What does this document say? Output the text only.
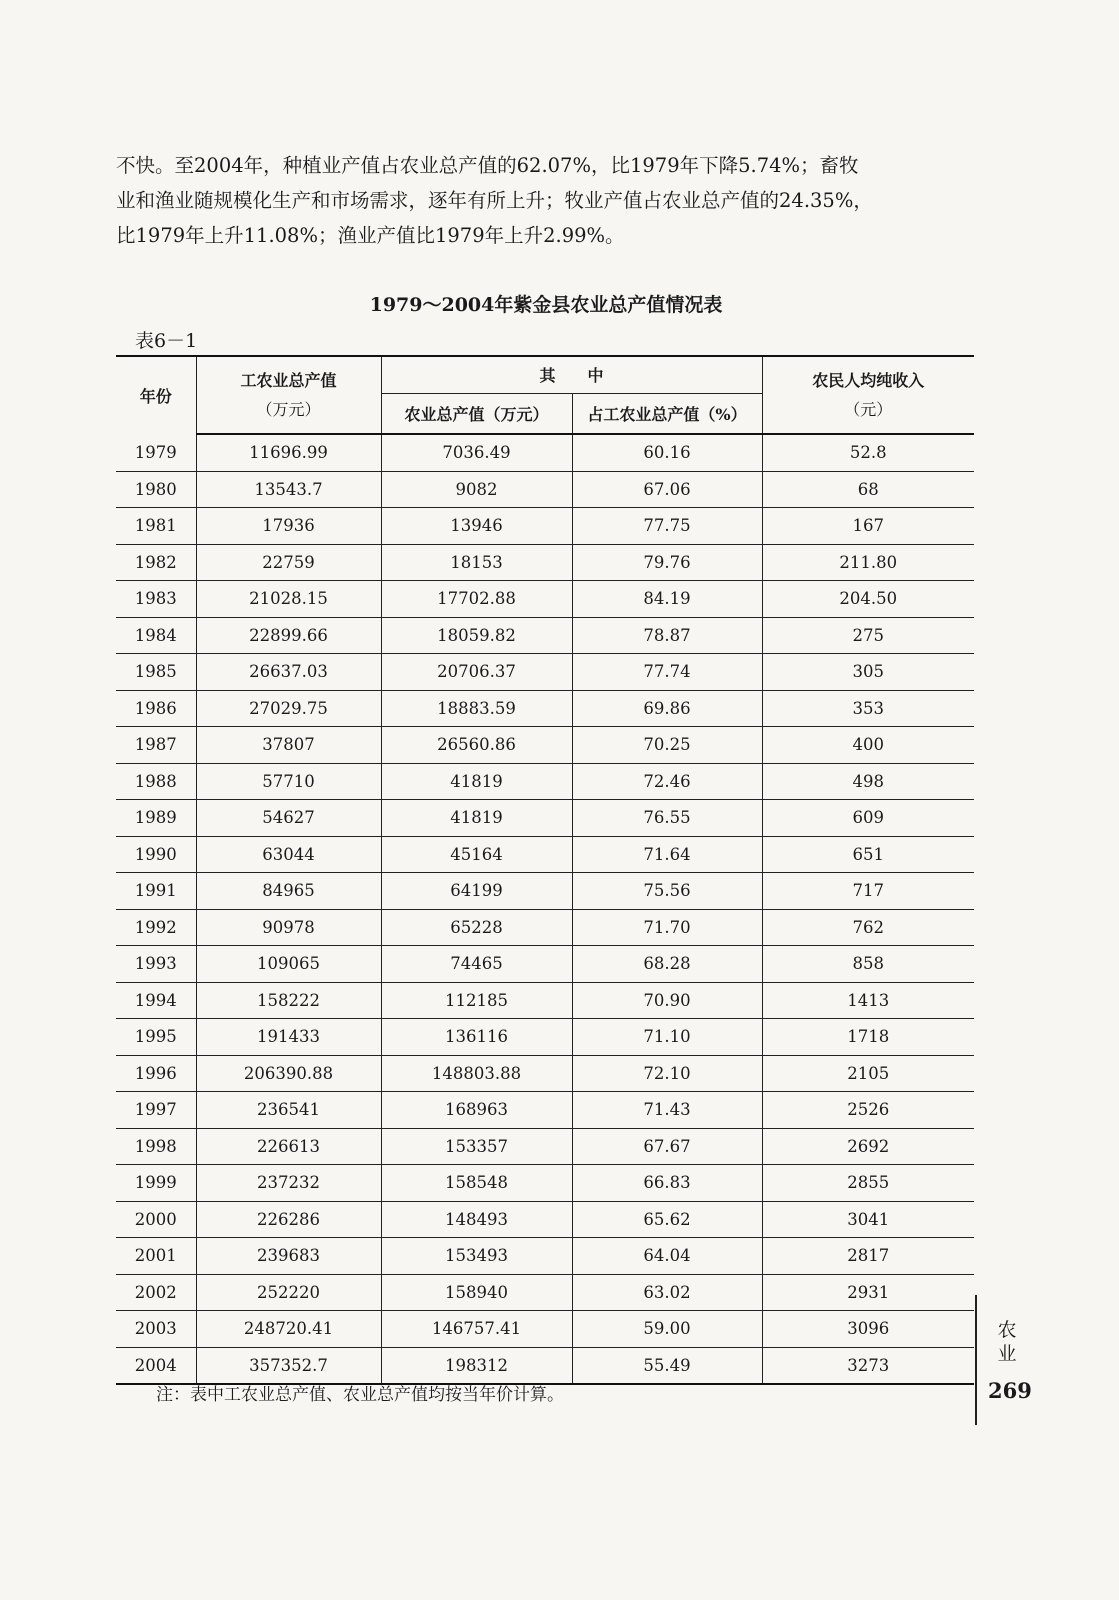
不快。至2004年，种植业产值占农业总产值的62.07%，比1979年下降5.74%；畜牧

业和渔业随规模化生产和市场需求，逐年有所上升；牧业产值占农业总产值的24.35%，

比1979年上升11.08%；渔业产值比1979年上升2.99%。

1979～2004年紫金县农业总产值情况表
表6－1
年份	工农业总产值	其　　中		农民人均纯收入
	（万元）	农业总产值（万元）	占工农业总产值（%）	（元）
1979	11696.99	7036.49	60.16	52.8
1980	13543.7	9082	67.06	68
1981	17936	13946	77.75	167
1982	22759	18153	79.76	211.80
1983	21028.15	17702.88	84.19	204.50
1984	22899.66	18059.82	78.87	275
1985	26637.03	20706.37	77.74	305
1986	27029.75	18883.59	69.86	353
1987	37807	26560.86	70.25	400
1988	57710	41819	72.46	498
1989	54627	41819	76.55	609
1990	63044	45164	71.64	651
1991	84965	64199	75.56	717
1992	90978	65228	71.70	762
1993	109065	74465	68.28	858
1994	158222	112185	70.90	1413
1995	191433	136116	71.10	1718
1996	206390.88	148803.88	72.10	2105
1997	236541	168963	71.43	2526
1998	226613	153357	67.67	2692
1999	237232	158548	66.83	2855
2000	226286	148493	65.62	3041
2001	239683	153493	64.04	2817
2002	252220	158940	63.02	2931
2003	248720.41	146757.41	59.00	3096
2004	357352.7	198312	55.49	3273
注：表中工农业总产值、农业总产值均按当年价计算。
农
业
269
